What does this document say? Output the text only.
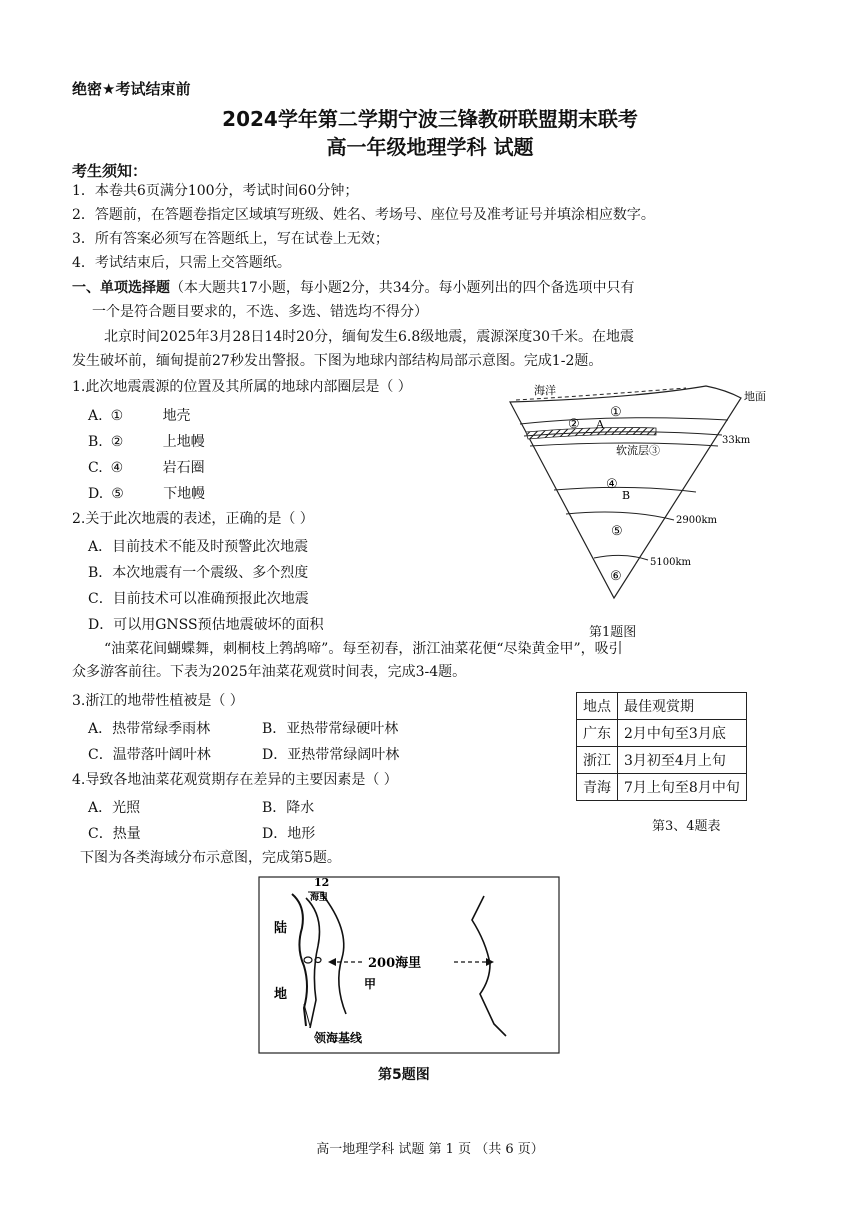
绝密★考试结束前
2024学年第二学期宁波三锋教研联盟期末联考
高一年级地理学科 试题
考生须知：
1．本卷共6页满分100分，考试时间60分钟；
2．答题前，在答题卷指定区域填写班级、姓名、考场号、座位号及准考证号并填涂相应数字。
3．所有答案必须写在答题纸上，写在试卷上无效；
4．考试结束后，只需上交答题纸。
一、单项选择题（本大题共17小题，每小题2分，共34分。每小题列出的四个备选项中只有
一个是符合题目要求的，不选、多选、错选均不得分）
北京时间2025年3月28日14时20分，缅甸发生6.8级地震，震源深度30千米。在地震
发生破坏前，缅甸提前27秒发出警报。下图为地球内部结构局部示意图。完成1-2题。
1.此次地震震源的位置及其所属的地球内部圈层是（ ）
A. ①	地壳
B. ②	上地幔
C. ④	岩石圈
D. ⑤	下地幔
2.关于此次地震的表述，正确的是（ ）
A．目前技术不能及时预警此次地震
B．本次地震有一个震级、多个烈度
C．目前技术可以准确预报此次地震
D．可以用GNSS预估地震破坏的面积
海洋	地面
①
② A
33km
软流层③
④
B
⑤
2900km
5100km
⑥
第1题图
“油菜花间蝴蝶舞，刺桐枝上鹁鸪啼”。每至初春，浙江油菜花便“尽染黄金甲”，吸引
众多游客前往。下表为2025年油菜花观赏时间表，完成3-4题。
3.浙江的地带性植被是（ ）
A．热带常绿季雨林	B．亚热带常绿硬叶林
C．温带落叶阔叶林	D．亚热带常绿阔叶林
4.导致各地油菜花观赏期存在差异的主要因素是（ ）
A．光照	B．降水
C．热量	D．地形
地点	最佳观赏期
广东	2月中旬至3月底
浙江	3月初至4月上旬
青海	7月上旬至8月中旬
第3、4题表
下图为各类海域分布示意图，完成第5题。
12
海里
陆
地
200海里
甲
领海基线
第5题图
高一地理学科 试题 第 1 页 （共 6 页）
